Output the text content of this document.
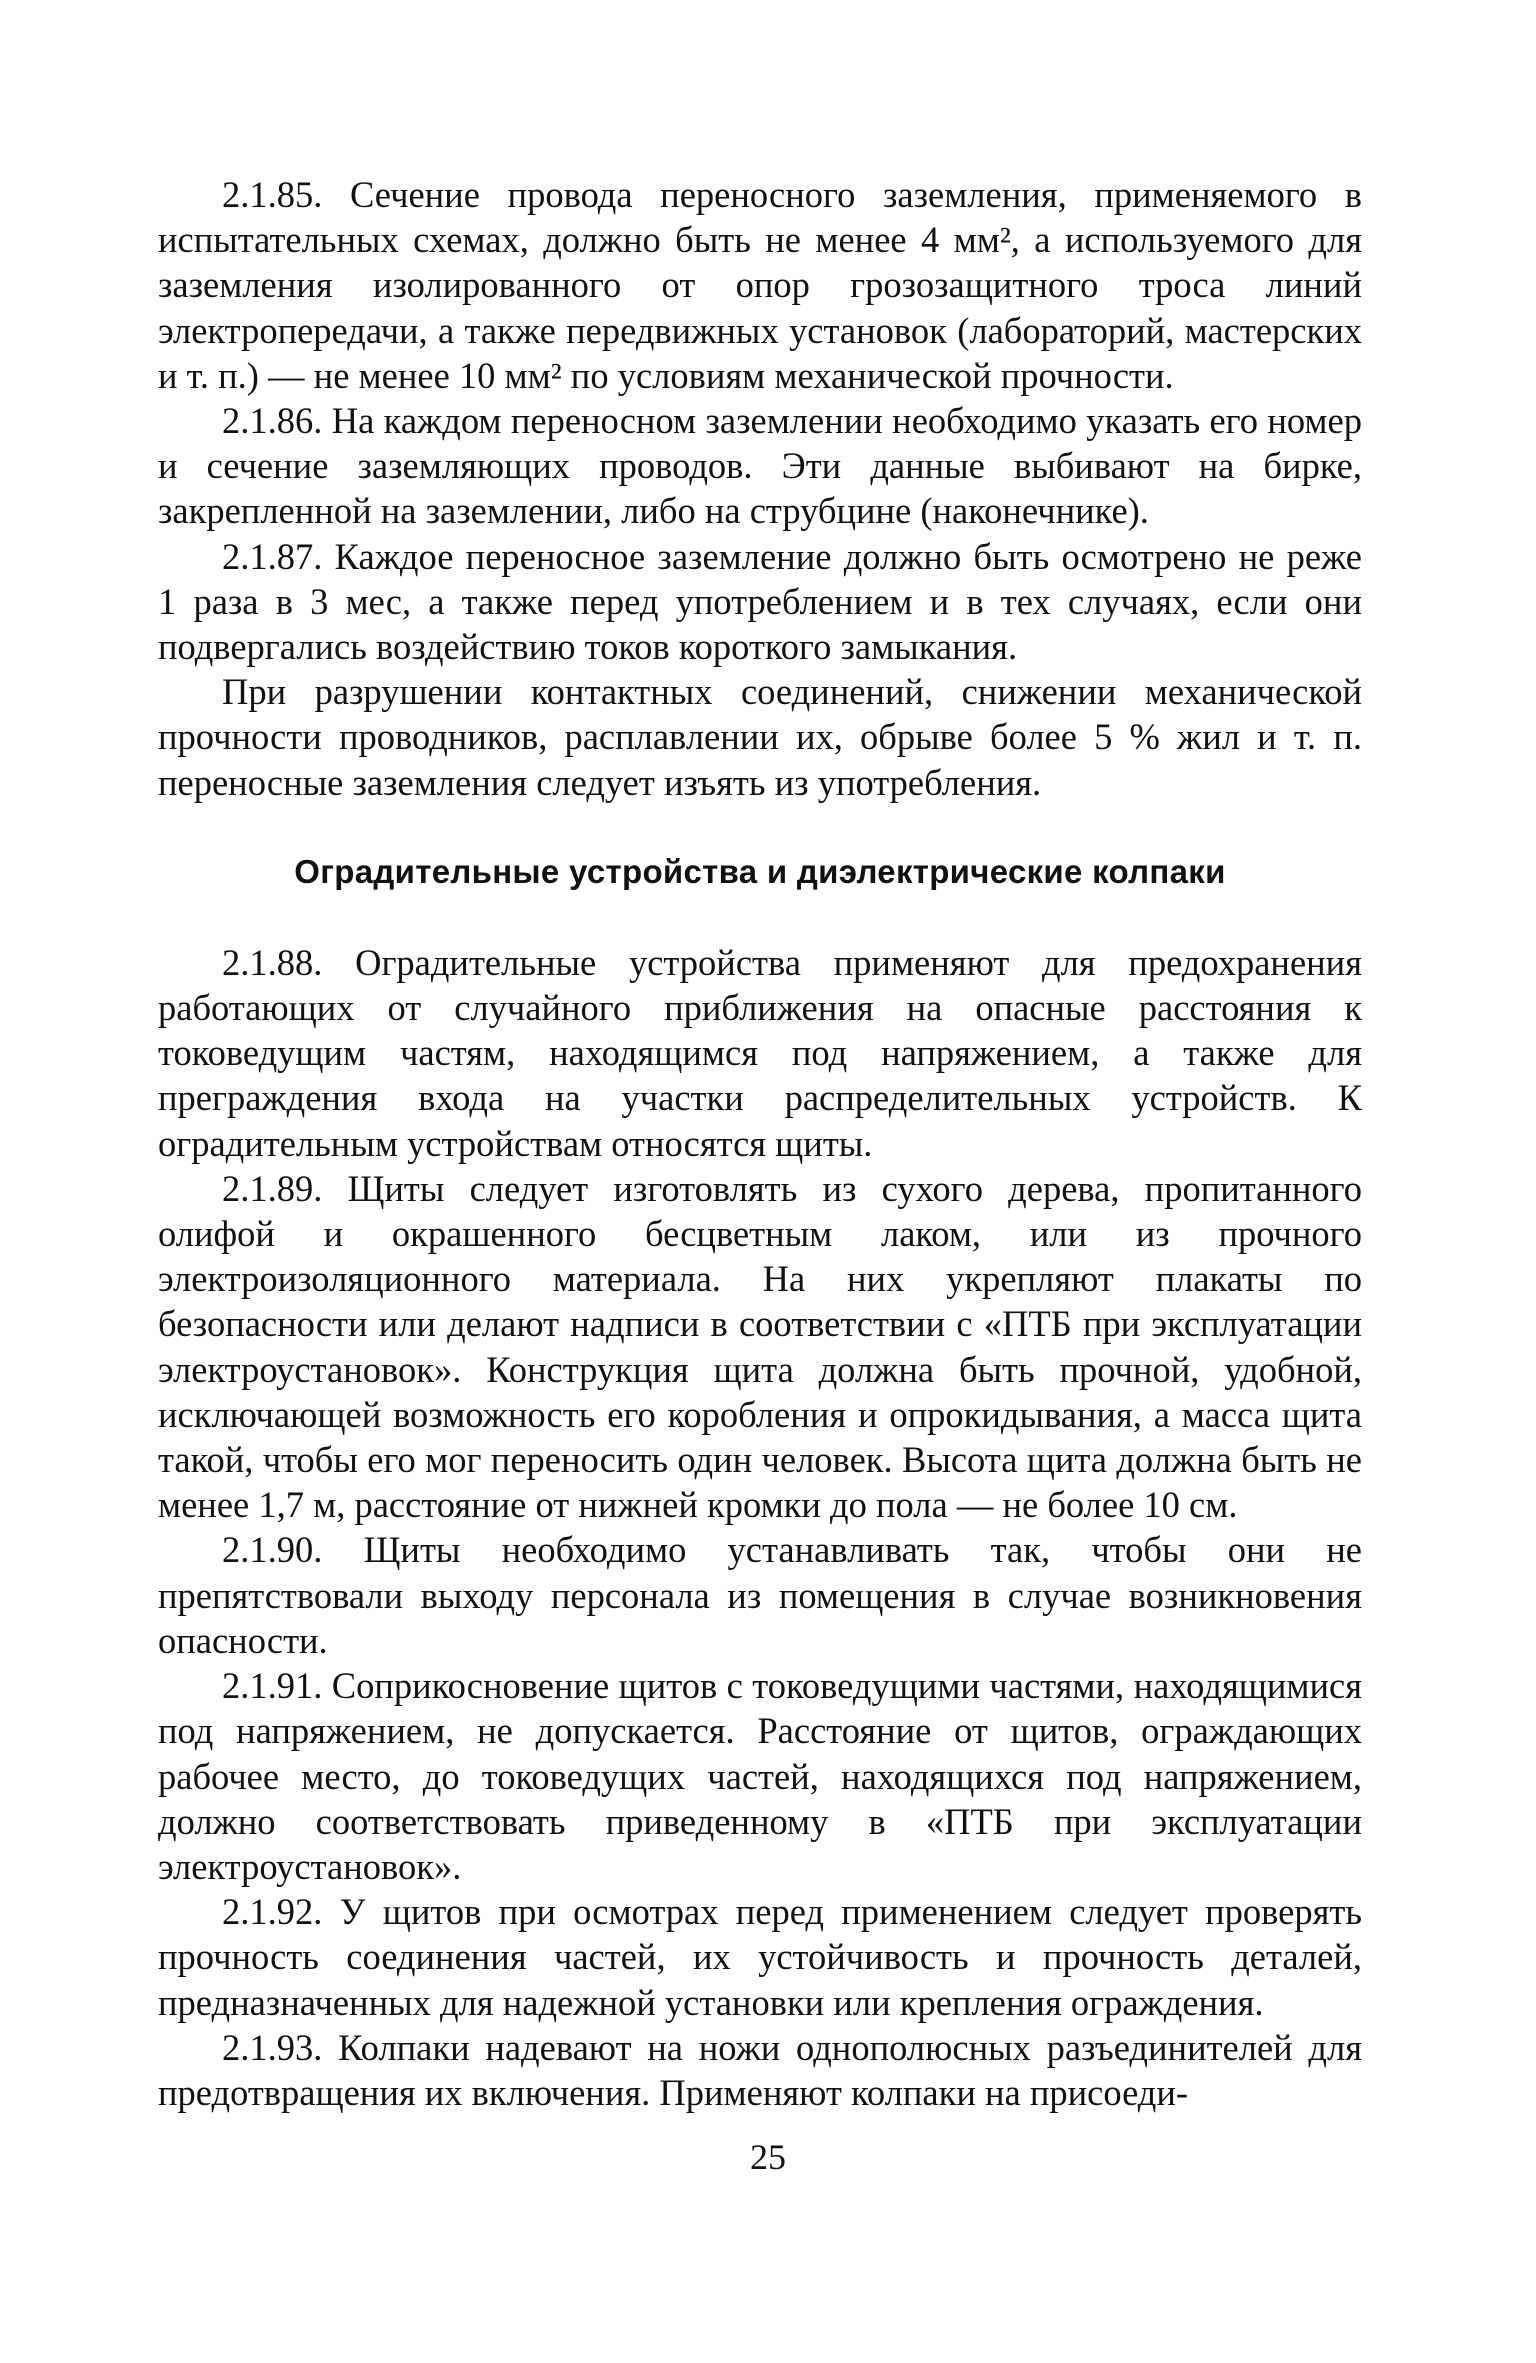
2.1.85. Сечение провода переносного заземления, применяемого в испытательных схемах, должно быть не менее 4 мм², а используемого для заземления изолированного от опор грозозащитного троса линий электропередачи, а также передвижных установок (лабораторий, мастерских и т. п.) — не менее 10 мм² по условиям механической прочности.

2.1.86. На каждом переносном заземлении необходимо указать его номер и сечение заземляющих проводов. Эти данные выбивают на бирке, закрепленной на заземлении, либо на струбцине (наконечнике).

2.1.87. Каждое переносное заземление должно быть осмотрено не реже 1 раза в 3 мес, а также перед употреблением и в тех случаях, если они подвергались воздействию токов короткого замыкания.

При разрушении контактных соединений, снижении механической прочности проводников, расплавлении их, обрыве более 5 % жил и т. п. переносные заземления следует изъять из употребления.

Оградительные устройства и диэлектрические колпаки

2.1.88. Оградительные устройства применяют для предохранения работающих от случайного приближения на опасные расстояния к токоведущим частям, находящимся под напряжением, а также для преграждения входа на участки распределительных устройств. К оградительным устройствам относятся щиты.

2.1.89. Щиты следует изготовлять из сухого дерева, пропитанного олифой и окрашенного бесцветным лаком, или из прочного электроизоляционного материала. На них укрепляют плакаты по безопасности или делают надписи в соответствии с «ПТБ при эксплуатации электроустановок». Конструкция щита должна быть прочной, удобной, исключающей возможность его коробления и опрокидывания, а масса щита такой, чтобы его мог переносить один человек. Высота щита должна быть не менее 1,7 м, расстояние от нижней кромки до пола — не более 10 см.

2.1.90. Щиты необходимо устанавливать так, чтобы они не препятствовали выходу персонала из помещения в случае возникновения опасности.

2.1.91. Соприкосновение щитов с токоведущими частями, находящимися под напряжением, не допускается. Расстояние от щитов, ограждающих рабочее место, до токоведущих частей, находящихся под напряжением, должно соответствовать приведенному в «ПТБ при эксплуатации электроустановок».

2.1.92. У щитов при осмотрах перед применением следует проверять прочность соединения частей, их устойчивость и прочность деталей, предназначенных для надежной установки или крепления ограждения.

2.1.93. Колпаки надевают на ножи однополюсных разъединителей для предотвращения их включения. Применяют колпаки на присоеди-

25
